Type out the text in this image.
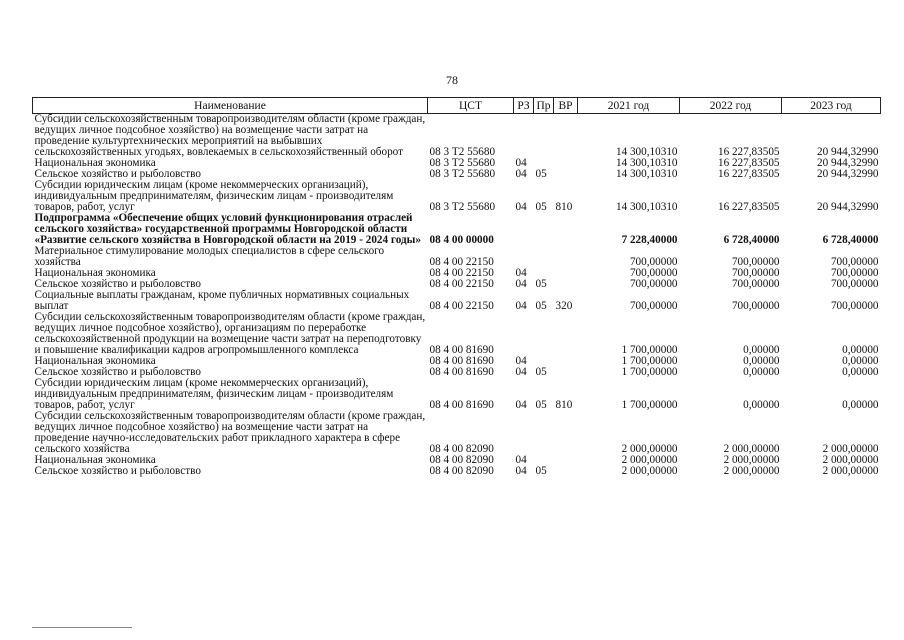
78
Наименование	ЦСТ	РЗ	Пр	ВР	2021 год	2022 год	2023 год
Субсидии сельскохозяйственным товаропроизводителям области (кроме граждан, ведущих личное подсобное хозяйство) на возмещение части затрат на проведение культуртехнических мероприятий на выбывших сельскохозяйственных угодьях, вовлекаемых в сельскохозяйственный оборот	08 3 Т2 55680				14 300,10310	16 227,83505	20 944,32990
Национальная экономика	08 3 Т2 55680	04			14 300,10310	16 227,83505	20 944,32990
Сельское хозяйство и рыболовство	08 3 Т2 55680	04	05		14 300,10310	16 227,83505	20 944,32990
Субсидии юридическим лицам (кроме некоммерческих организаций), индивидуальным предпринимателям, физическим лицам - производителям товаров, работ, услуг	08 3 Т2 55680	04	05	810	14 300,10310	16 227,83505	20 944,32990
Подпрограмма «Обеспечение общих условий функционирования отраслей сельского хозяйства» государственной программы Новгородской области «Развитие сельского хозяйства в Новгородской области на 2019 - 2024 годы»	08 4 00 00000				7 228,40000	6 728,40000	6 728,40000
Материальное стимулирование молодых специалистов в сфере сельского хозяйства	08 4 00 22150				700,00000	700,00000	700,00000
Национальная экономика	08 4 00 22150	04			700,00000	700,00000	700,00000
Сельское хозяйство и рыболовство	08 4 00 22150	04	05		700,00000	700,00000	700,00000
Социальные выплаты гражданам, кроме публичных нормативных социальных выплат	08 4 00 22150	04	05	320	700,00000	700,00000	700,00000
Субсидии сельскохозяйственным товаропроизводителям области (кроме граждан, ведущих личное подсобное хозяйство), организациям по переработке сельскохозяйственной продукции на возмещение части затрат на переподготовку и повышение квалификации кадров агропромышленного комплекса	08 4 00 81690				1 700,00000	0,00000	0,00000
Национальная экономика	08 4 00 81690	04			1 700,00000	0,00000	0,00000
Сельское хозяйство и рыболовство	08 4 00 81690	04	05		1 700,00000	0,00000	0,00000
Субсидии юридическим лицам (кроме некоммерческих организаций), индивидуальным предпринимателям, физическим лицам - производителям товаров, работ, услуг	08 4 00 81690	04	05	810	1 700,00000	0,00000	0,00000
Субсидии сельскохозяйственным товаропроизводителям области (кроме граждан, ведущих личное подсобное хозяйство) на возмещение части затрат на проведение научно-исследовательских работ прикладного характера в сфере сельского хозяйства	08 4 00 82090				2 000,00000	2 000,00000	2 000,00000
Национальная экономика	08 4 00 82090	04			2 000,00000	2 000,00000	2 000,00000
Сельское хозяйство и рыболовство	08 4 00 82090	04	05		2 000,00000	2 000,00000	2 000,00000
